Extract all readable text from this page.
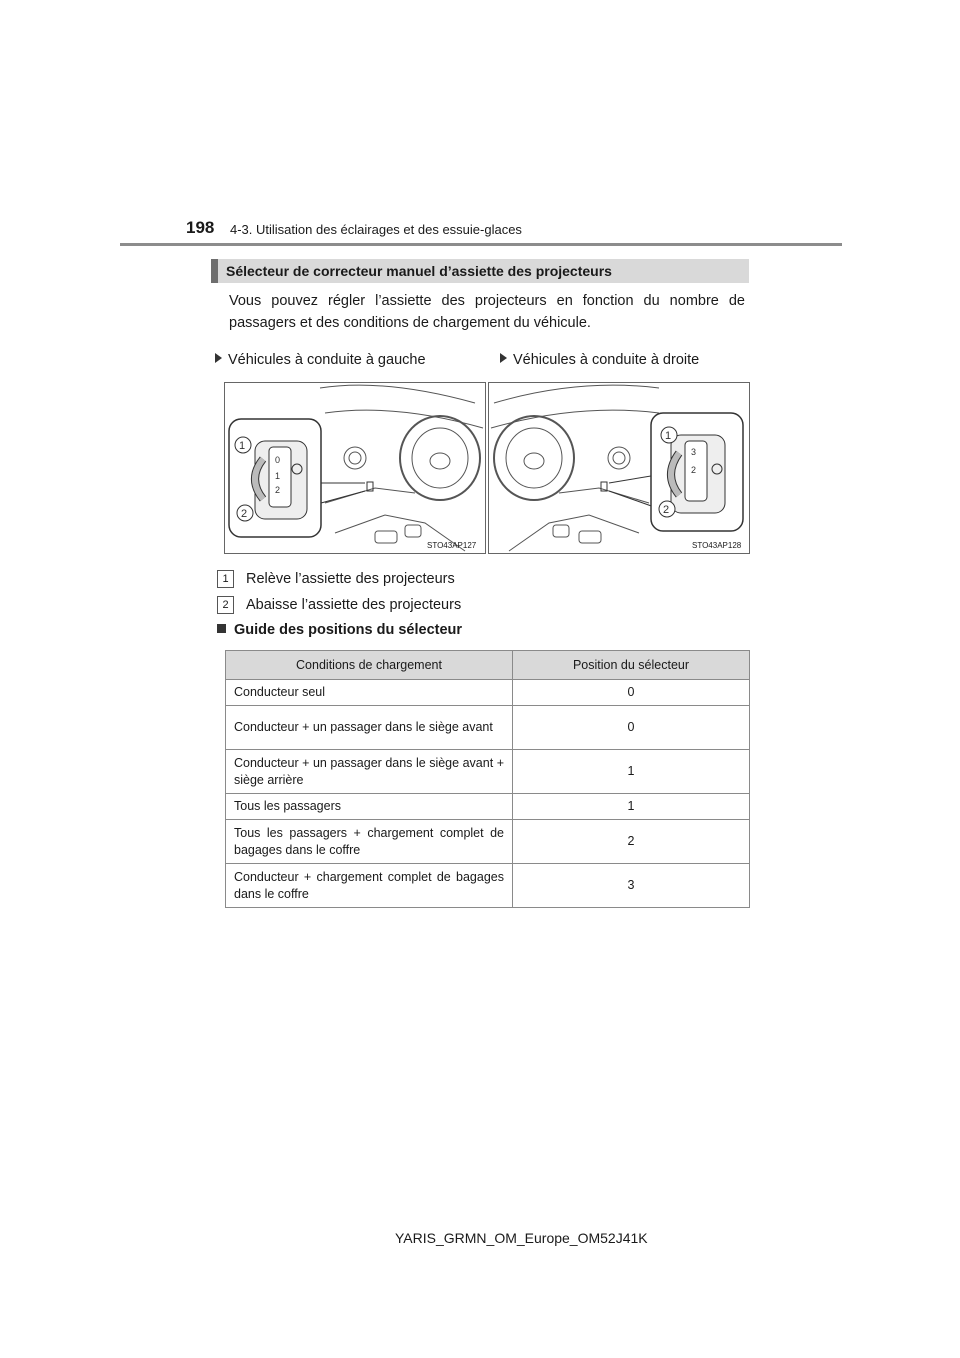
198 4-3. Utilisation des éclairages et des essuie-glaces
Sélecteur de correcteur manuel d’assiette des projecteurs
Vous pouvez régler l’assiette des projecteurs en fonction du nombre de passagers et des conditions de chargement du véhicule.
Véhicules à conduite à gauche	Véhicules à conduite à droite
0
1
2
1
2
STO43AP127
3
2
1
2
STO43AP128
1 Relève l’assiette des projecteurs
2 Abaisse l’assiette des projecteurs
Guide des positions du sélecteur
Conditions de chargement	Position du sélecteur
Conducteur seul	0
Conducteur + un passager dans le siège avant	0
Conducteur + un passager dans le siège avant + siège arrière	1
Tous les passagers	1
Tous les passagers + chargement complet de bagages dans le coffre	2
Conducteur + chargement complet de bagages dans le coffre	3
YARIS_GRMN_OM_Europe_OM52J41K
